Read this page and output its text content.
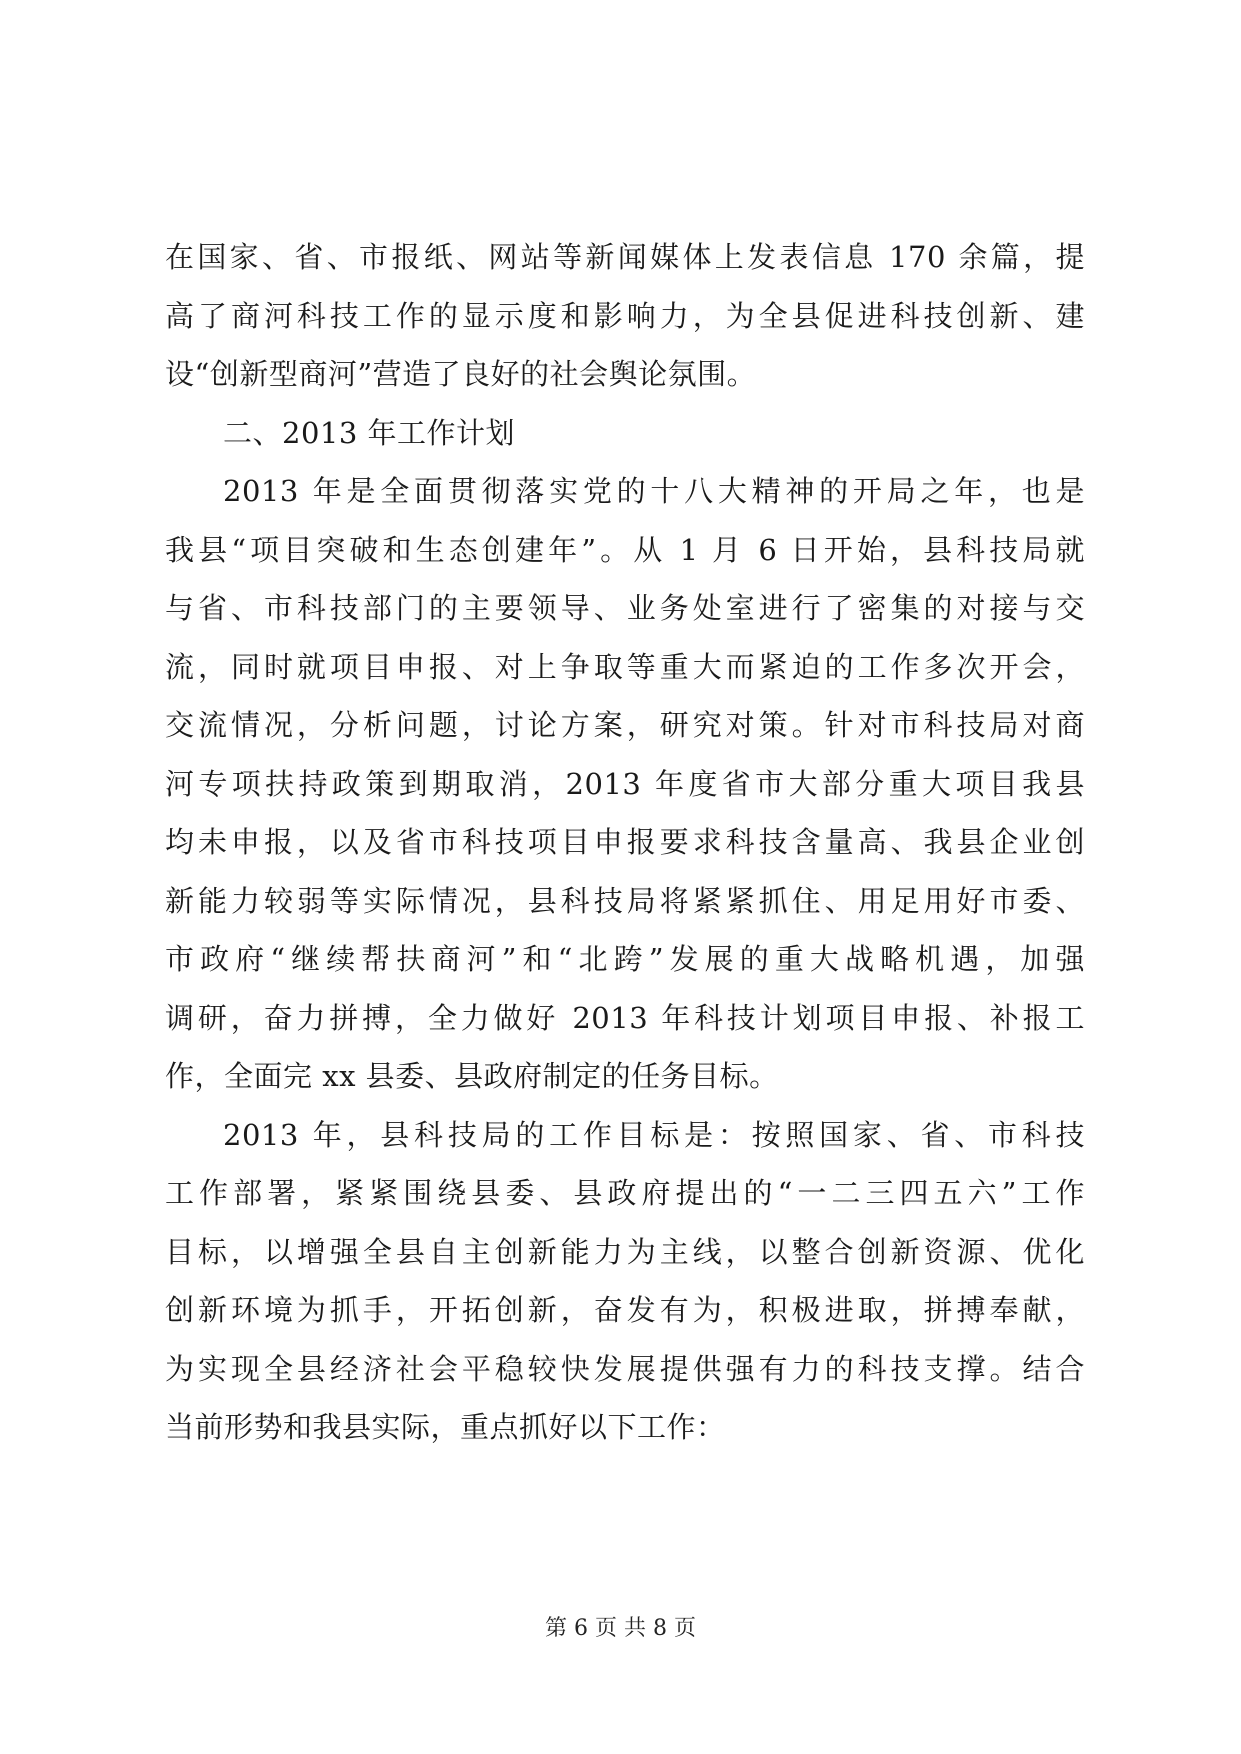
在国家、省、市报纸、网站等新闻媒体上发表信息 170 余篇，提
高了商河科技工作的显示度和影响力，为全县促进科技创新、建
设“创新型商河”营造了良好的社会舆论氛围。
二、2013 年工作计划
2013 年是全面贯彻落实党的十八大精神的开局之年，也是
我县“项目突破和生态创建年”。从 1 月 6 日开始，县科技局就
与省、市科技部门的主要领导、业务处室进行了密集的对接与交
流，同时就项目申报、对上争取等重大而紧迫的工作多次开会，
交流情况，分析问题，讨论方案，研究对策。针对市科技局对商
河专项扶持政策到期取消，2013 年度省市大部分重大项目我县
均未申报，以及省市科技项目申报要求科技含量高、我县企业创
新能力较弱等实际情况，县科技局将紧紧抓住、用足用好市委、
市政府“继续帮扶商河”和“北跨”发展的重大战略机遇，加强
调研，奋力拼搏，全力做好 2013 年科技计划项目申报、补报工
作，全面完 xx 县委、县政府制定的任务目标。
2013 年，县科技局的工作目标是：按照国家、省、市科技
工作部署，紧紧围绕县委、县政府提出的“一二三四五六”工作
目标，以增强全县自主创新能力为主线，以整合创新资源、优化
创新环境为抓手，开拓创新，奋发有为，积极进取，拼搏奉献，
为实现全县经济社会平稳较快发展提供强有力的科技支撑。结合
当前形势和我县实际，重点抓好以下工作：
第 6 页 共 8 页
